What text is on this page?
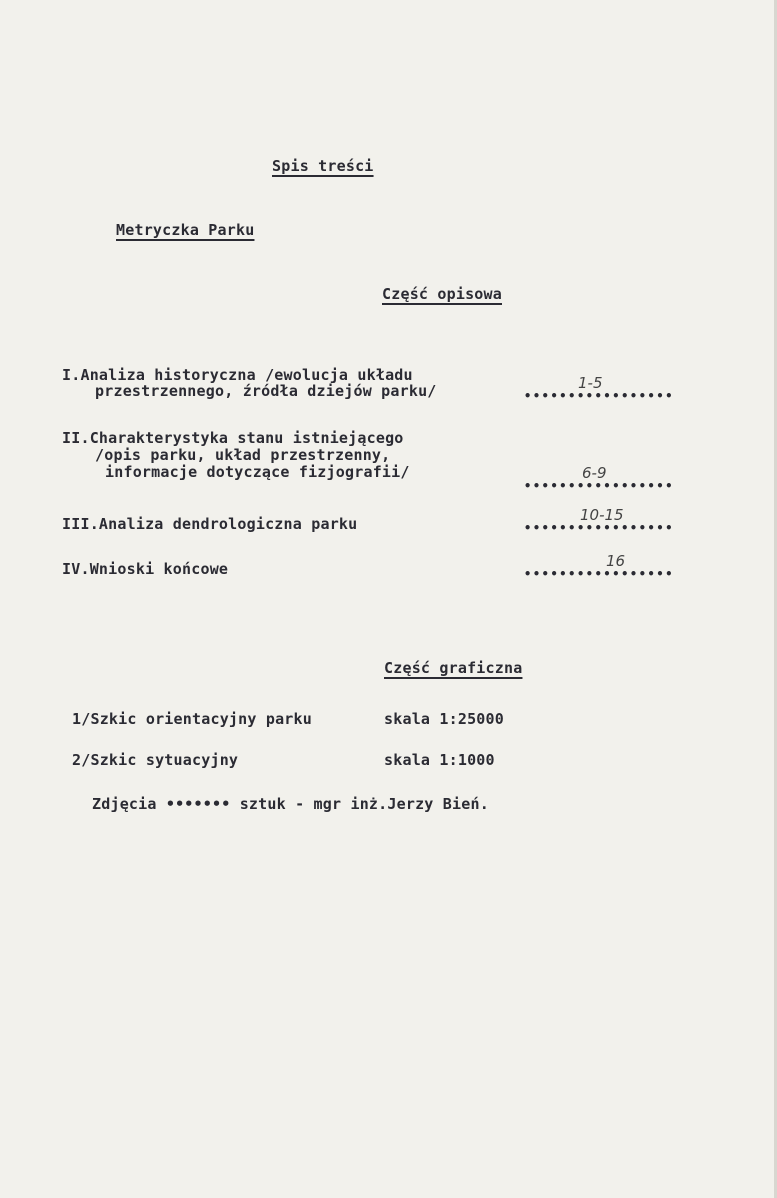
Spis treści
Metryczka Parku
Część opisowa
I.Analiza historyczna /ewolucja układu
przestrzennego, źródła dziejów parku/	1-5
•••••••••••••••••
II.Charakterystyka stanu istniejącego
/opis parku, układ przestrzenny,
informacje dotyczące fizjografii/	6-9
•••••••••••••••••
III.Analiza dendrologiczna parku	10-15
•••••••••••••••••
IV.Wnioski końcowe	16
•••••••••••••••••
Część graficzna
1/Szkic orientacyjny parku	skala 1:25000
2/Szkic sytuacyjny	skala 1:1000
Zdjęcia ••••••• sztuk - mgr inż.Jerzy Bień.
